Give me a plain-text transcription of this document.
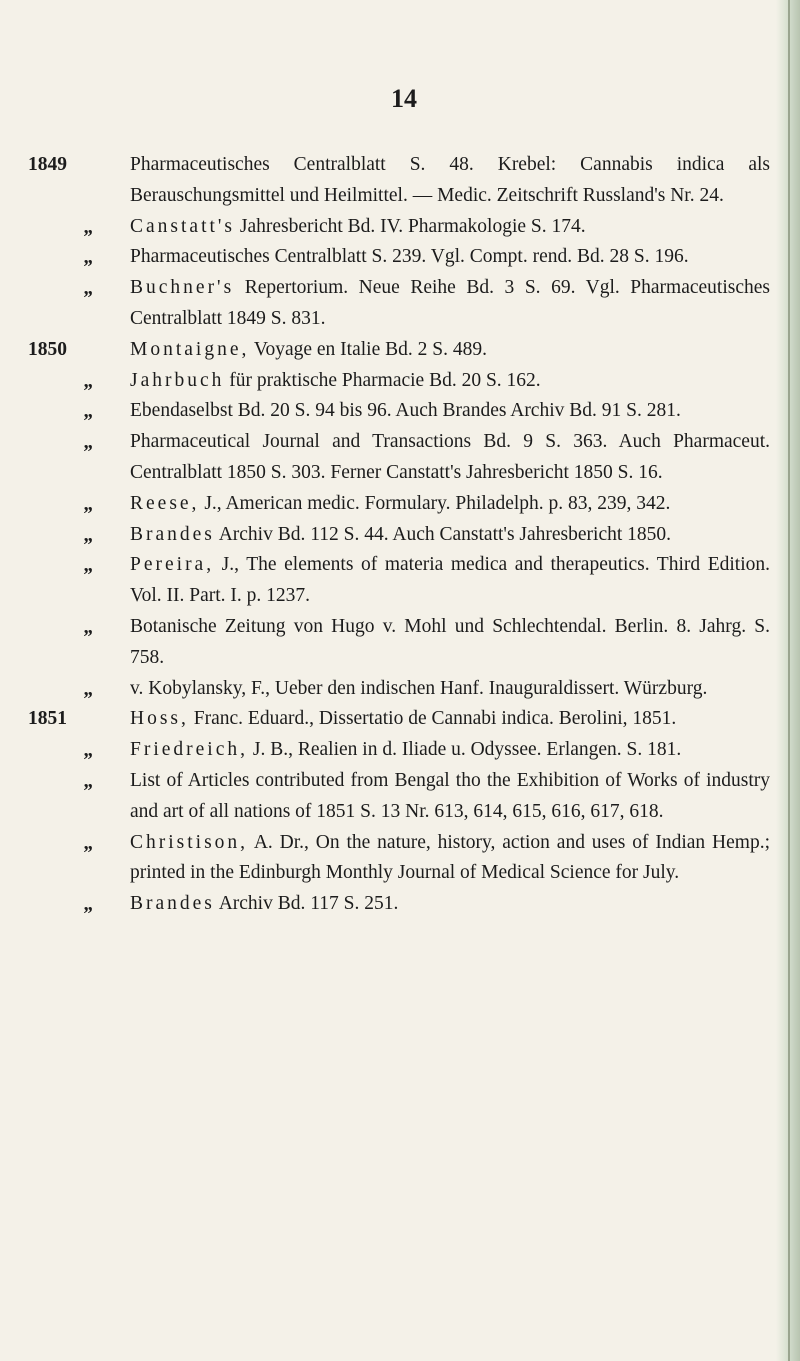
14
1849	Pharmaceutisches Centralblatt S. 48. Krebel: Cannabis indica als Berauschungsmittel und Heilmittel. — Medic. Zeitschrift Russland's Nr. 24.
„ Canstatt's Jahresbericht Bd. IV. Pharmakologie S. 174.
„ Pharmaceutisches Centralblatt S. 239. Vgl. Compt. rend. Bd. 28 S. 196.
„ Buchner's Repertorium. Neue Reihe Bd. 3 S. 69. Vgl. Pharmaceutisches Centralblatt 1849 S. 831.
1850	Montaigne, Voyage en Italie Bd. 2 S. 489.
„ Jahrbuch für praktische Pharmacie Bd. 20 S. 162.
„ Ebendaselbst Bd. 20 S. 94 bis 96. Auch Brandes Archiv Bd. 91 S. 281.
„ Pharmaceutical Journal and Transactions Bd. 9 S. 363. Auch Pharmaceut. Centralblatt 1850 S. 303. Ferner Canstatt's Jahresbericht 1850 S. 16.
„ Reese, J., American medic. Formulary. Philadelph. p. 83, 239, 342.
„ Brandes Archiv Bd. 112 S. 44. Auch Canstatt's Jahresbericht 1850.
„ Pereira, J., The elements of materia medica and therapeutics. Third Edition. Vol. II. Part. I. p. 1237.
„ Botanische Zeitung von Hugo v. Mohl und Schlechtendal. Berlin. 8. Jahrg. S. 758.
„ v. Kobylansky, F., Ueber den indischen Hanf. Inauguraldissert. Würzburg.
1851	Hoss, Franc. Eduard., Dissertatio de Cannabi indica. Berolini, 1851.
„ Friedreich, J. B., Realien in d. Iliade u. Odyssee. Erlangen. S. 181.
„ List of Articles contributed from Bengal tho the Exhibition of Works of industry and art of all nations of 1851 S. 13 Nr. 613, 614, 615, 616, 617, 618.
„ Christison, A. Dr., On the nature, history, action and uses of Indian Hemp.; printed in the Edinburgh Monthly Journal of Medical Science for July.
„ Brandes Archiv Bd. 117 S. 251.
